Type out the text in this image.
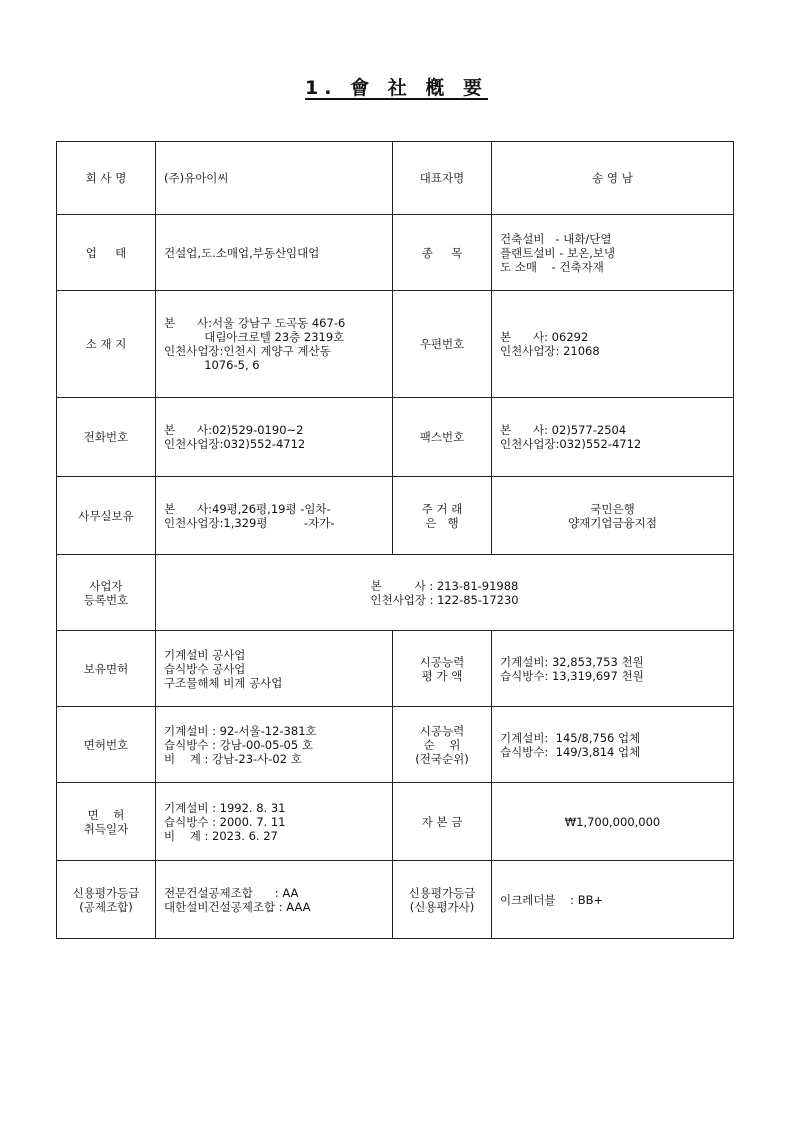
1. 會 社 槪 要
회 사 명	(주)유아이씨	대표자명	송 영 남
업     태	건설업,도.소매업,부동산임대업	종     목	건축설비   - 내화/단열
플랜트설비 - 보온,보냉
도 소매    - 건축자재
소 재 지	본      사:서울 강남구 도곡동 467-6
대림아크로텔 23층 2319호
인천사업장:인천시 계양구 계산동
1076-5, 6	우편번호	본      사: 06292
인천사업장: 21068
전화번호	본      사:02)529-0190~2
인천사업장:032)552-4712	팩스번호	본      사: 02)577-2504
인천사업장:032)552-4712
사무실보유	본      사:49평,26평,19평 -임차-
인천사업장:1,329평          -자가-	주 거 래
은   행	국민은행
양재기업금융지점
사업자
등록번호	본         사 : 213-81-91988
인천사업장 : 122-85-17230		
보유면허	기계설비 공사업
습식방수 공사업
구조물해체 비계 공사업	시공능력
평 가 액	기계설비: 32,853,753 천원
습식방수: 13,319,697 천원
면허번호	기계설비 : 92-서울-12-381호
습식방수 : 강남-00-05-05 호
비    계 : 강남-23-사-02 호	시공능력
순    위
(전국순위)	기계설비:  145/8,756 업체
습식방수:  149/3,814 업체
면    허
취득일자	기계설비 : 1992. 8. 31
습식방수 : 2000. 7. 11
비    계 : 2023. 6. 27	자 본 금	₩1,700,000,000
신용평가등급
(공제조합)	전문건설공제조합      : AA
대한설비건설공제조합 : AAA	신용평가등급
(신용평가사)	이크레더블    : BB+
